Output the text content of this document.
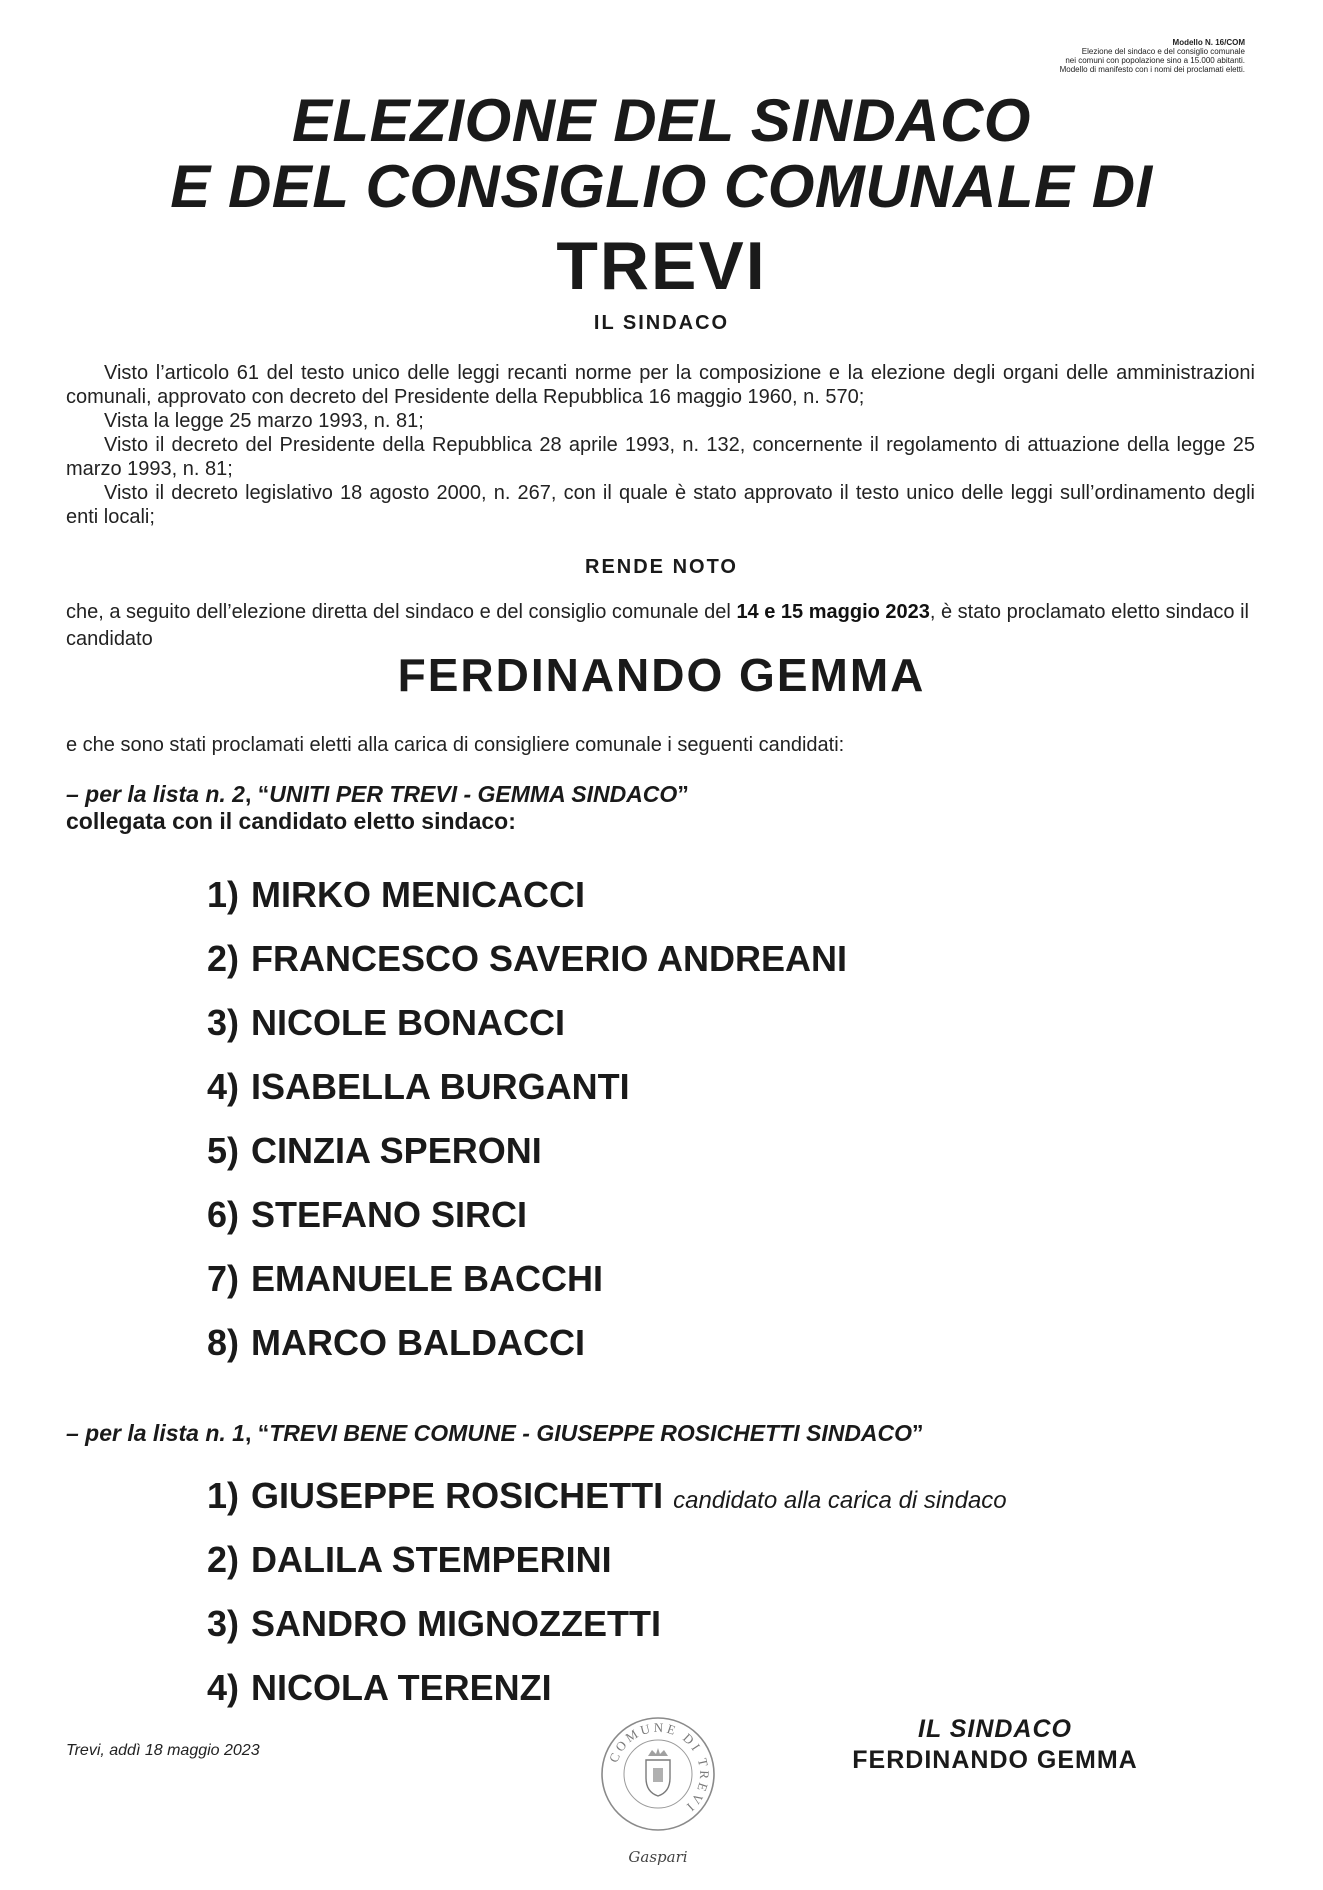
Modello N. 16/COM
Elezione del sindaco e del consiglio comunale
nei comuni con popolazione sino a 15.000 abitanti.
Modello di manifesto con i nomi dei proclamati eletti.
ELEZIONE DEL SINDACO
E DEL CONSIGLIO COMUNALE DI
TREVI
IL SINDACO

Visto l’articolo 61 del testo unico delle leggi recanti norme per la composizione e la elezione degli organi delle amministrazioni comunali, approvato con decreto del Presidente della Repubblica 16 maggio 1960, n. 570;

Vista la legge 25 marzo 1993, n. 81;

Visto il decreto del Presidente della Repubblica 28 aprile 1993, n. 132, concernente il regolamento di attuazione della legge 25 marzo 1993, n. 81;

Visto il decreto legislativo 18 agosto 2000, n. 267, con il quale è stato approvato il testo unico delle leggi sull’ordinamento degli enti locali;

RENDE NOTO
che, a seguito dell’elezione diretta del sindaco e del consiglio comunale del 14 e 15 maggio 2023, è stato proclamato eletto sindaco il candidato
FERDINANDO GEMMA
e che sono stati proclamati eletti alla carica di consigliere comunale i seguenti candidati:
– per la lista n. 2, “UNITI PER TREVI - GEMMA SINDACO”
collegata con il candidato eletto sindaco:
1) MIRKO MENICACCI
2) FRANCESCO SAVERIO ANDREANI
3) NICOLE BONACCI
4) ISABELLA BURGANTI
5) CINZIA SPERONI
6) STEFANO SIRCI
7) EMANUELE BACCHI
8) MARCO BALDACCI
– per la lista n. 1, “TREVI BENE COMUNE - GIUSEPPE ROSICHETTI SINDACO”
1) GIUSEPPE ROSICHETTI candidato alla carica di sindaco
2) DALILA STEMPERINI
3) SANDRO MIGNOZZETTI
4) NICOLA TERENZI
Trevi, addì 18 maggio 2023	COMUNE DI TREVI
Gaspari
IL SINDACO
FERDINANDO GEMMA
